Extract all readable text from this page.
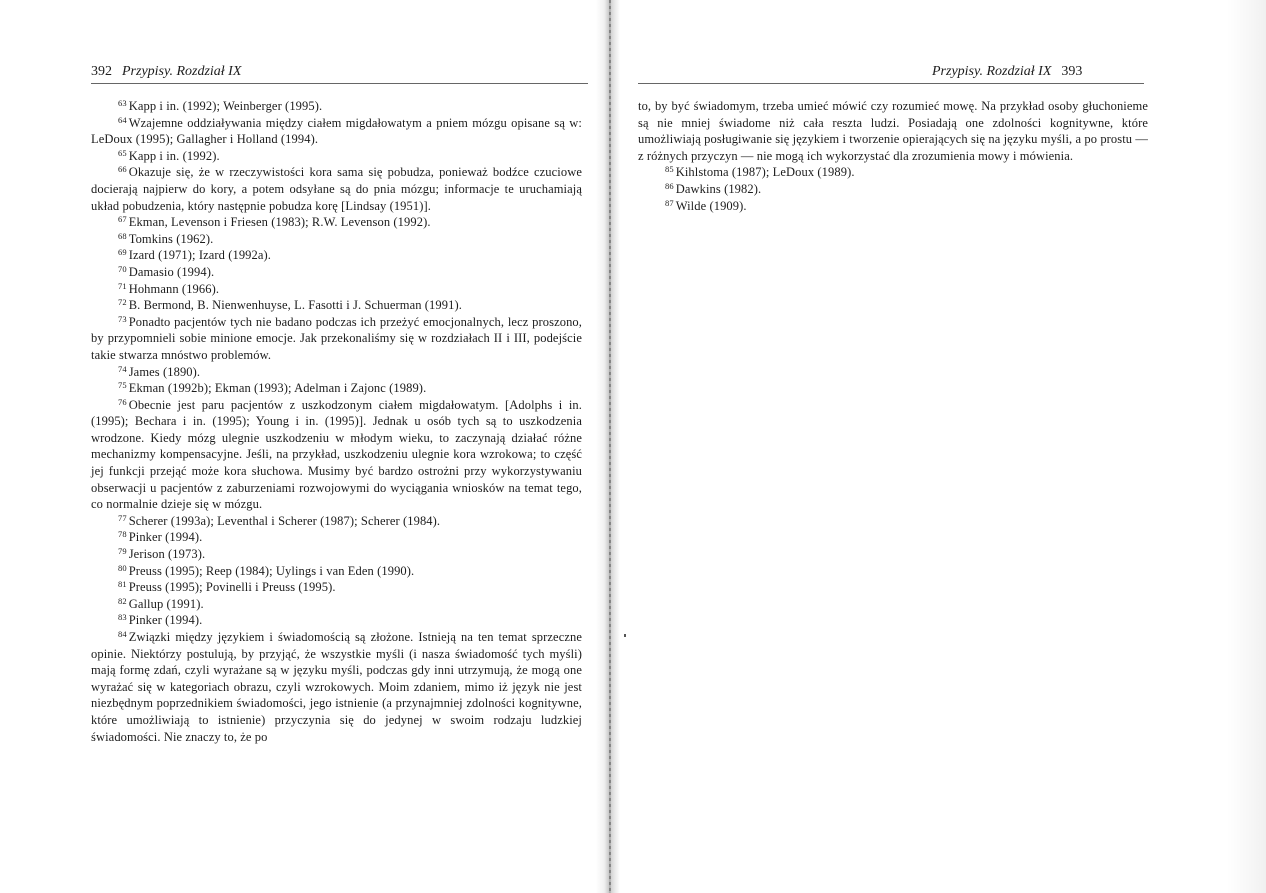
392 Przypisy. Rozdział IX

$^{63}$ Kapp i in. (1992); Weinberger (1995).

$^{64}$ Wzajemne oddziaływania między ciałem migdałowatym a pniem mózgu opisane są w: LeDoux (1995); Gallagher i Holland (1994).

$^{65}$ Kapp i in. (1992).

$^{66}$ Okazuje się, że w rzeczywistości kora sama się pobudza, ponieważ bodźce czuciowe docierają najpierw do kory, a potem odsyłane są do pnia mózgu; informacje te uruchamiają układ pobudzenia, który następnie pobudza korę [Lindsay (1951)].

$^{67}$ Ekman, Levenson i Friesen (1983); R.W. Levenson (1992).

$^{68}$ Tomkins (1962).

$^{69}$ Izard (1971); Izard (1992a).

$^{70}$ Damasio (1994).

$^{71}$ Hohmann (1966).

$^{72}$ B. Bermond, B. Nienwenhuyse, L. Fasotti i J. Schuerman (1991).

$^{73}$ Ponadto pacjentów tych nie badano podczas ich przeżyć emocjonalnych, lecz proszono, by przypomnieli sobie minione emocje. Jak przekonaliśmy się w rozdziałach II i III, podejście takie stwarza mnóstwo problemów.

$^{74}$ James (1890).

$^{75}$ Ekman (1992b); Ekman (1993); Adelman i Zajonc (1989).

$^{76}$ Obecnie jest paru pacjentów z uszkodzonym ciałem migdałowatym. [Adolphs i in. (1995); Bechara i in. (1995); Young i in. (1995)]. Jednak u osób tych są to uszkodzenia wrodzone. Kiedy mózg ulegnie uszkodzeniu w młodym wieku, to zaczynają działać różne mechanizmy kompensacyjne. Jeśli, na przykład, uszkodzeniu ulegnie kora wzrokowa; to część jej funkcji przejąć może kora słuchowa. Musimy być bardzo ostrożni przy wykorzystywaniu obserwacji u pacjentów z zaburzeniami rozwojowymi do wyciągania wniosków na temat tego, co normalnie dzieje się w mózgu.

$^{77}$ Scherer (1993a); Leventhal i Scherer (1987); Scherer (1984).

$^{78}$ Pinker (1994).

$^{79}$ Jerison (1973).

$^{80}$ Preuss (1995); Reep (1984); Uylings i van Eden (1990).

$^{81}$ Preuss (1995); Povinelli i Preuss (1995).

$^{82}$ Gallup (1991).

$^{83}$ Pinker (1994).

$^{84}$ Związki między językiem i świadomością są złożone. Istnieją na ten temat sprzeczne opinie. Niektórzy postulują, by przyjąć, że wszystkie myśli (i nasza świadomość tych myśli) mają formę zdań, czyli wyrażane są w języku myśli, podczas gdy inni utrzymują, że mogą one wyrażać się w kategoriach obrazu, czyli wzrokowych. Moim zdaniem, mimo iż język nie jest niezbędnym poprzednikiem świadomości, jego istnienie (a przynajmniej zdolności kognitywne, które umożliwiają to istnienie) przyczynia się do jedynej w swoim rodzaju ludzkiej świadomości. Nie znaczy to, że po

Przypisy. Rozdział IX 393

to, by być świadomym, trzeba umieć mówić czy rozumieć mowę. Na przykład osoby głuchonieme są nie mniej świadome niż cała reszta ludzi. Posiadają one zdolności kognitywne, które umożliwiają posługiwanie się językiem i tworzenie opierających się na języku myśli, a po prostu — z różnych przyczyn — nie mogą ich wykorzystać dla zrozumienia mowy i mówienia.

$^{85}$ Kihlstoma (1987); LeDoux (1989).

$^{86}$ Dawkins (1982).

$^{87}$ Wilde (1909).
